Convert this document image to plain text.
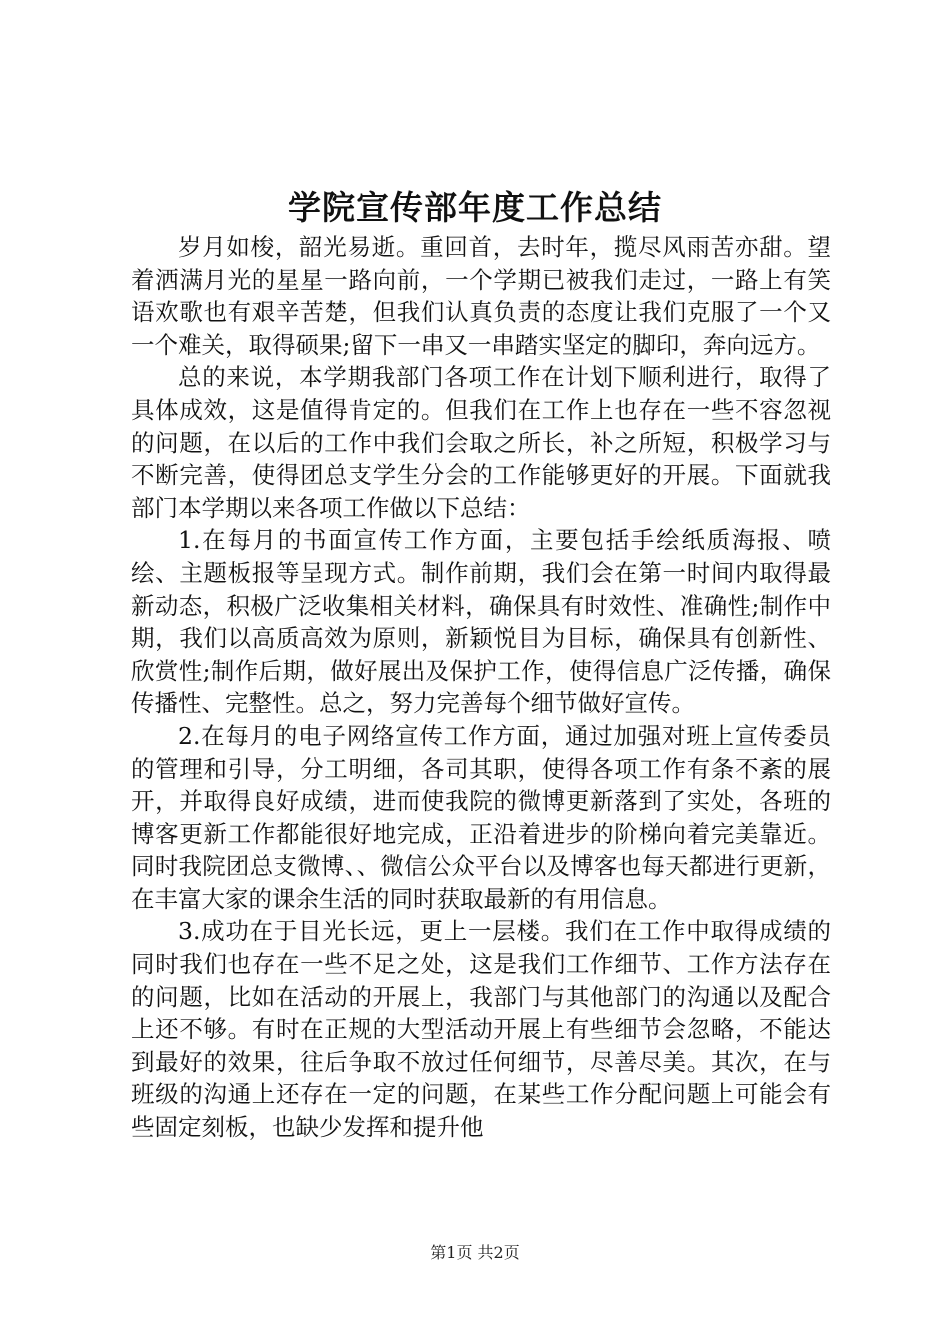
学院宣传部年度工作总结

岁月如梭，韶光易逝。重回首，去时年，揽尽风雨苦亦甜。望着洒满月光的星星一路向前，一个学期已被我们走过，一路上有笑语欢歌也有艰辛苦楚，但我们认真负责的态度让我们克服了一个又一个难关，取得硕果;留下一串又一串踏实坚定的脚印，奔向远方。

总的来说，本学期我部门各项工作在计划下顺利进行，取得了具体成效，这是值得肯定的。但我们在工作上也存在一些不容忽视的问题，在以后的工作中我们会取之所长，补之所短，积极学习与不断完善，使得团总支学生分会的工作能够更好的开展。下面就我部门本学期以来各项工作做以下总结：

1.在每月的书面宣传工作方面，主要包括手绘纸质海报、喷绘、主题板报等呈现方式。制作前期，我们会在第一时间内取得最新动态，积极广泛收集相关材料，确保具有时效性、准确性;制作中期，我们以高质高效为原则，新颖悦目为目标，确保具有创新性、欣赏性;制作后期，做好展出及保护工作，使得信息广泛传播，确保传播性、完整性。总之，努力完善每个细节做好宣传。

2.在每月的电子网络宣传工作方面，通过加强对班上宣传委员的管理和引导，分工明细，各司其职，使得各项工作有条不紊的展开，并取得良好成绩，进而使我院的微博更新落到了实处，各班的博客更新工作都能很好地完成，正沿着进步的阶梯向着完美靠近。同时我院团总支微博、、微信公众平台以及博客也每天都进行更新，在丰富大家的课余生活的同时获取最新的有用信息。

3.成功在于目光长远，更上一层楼。我们在工作中取得成绩的同时我们也存在一些不足之处，这是我们工作细节、工作方法存在的问题，比如在活动的开展上，我部门与其他部门的沟通以及配合上还不够。有时在正规的大型活动开展上有些细节会忽略，不能达到最好的效果，往后争取不放过任何细节，尽善尽美。其次，在与班级的沟通上还存在一定的问题，在某些工作分配问题上可能会有些固定刻板，也缺少发挥和提升他

第1页 共2页
